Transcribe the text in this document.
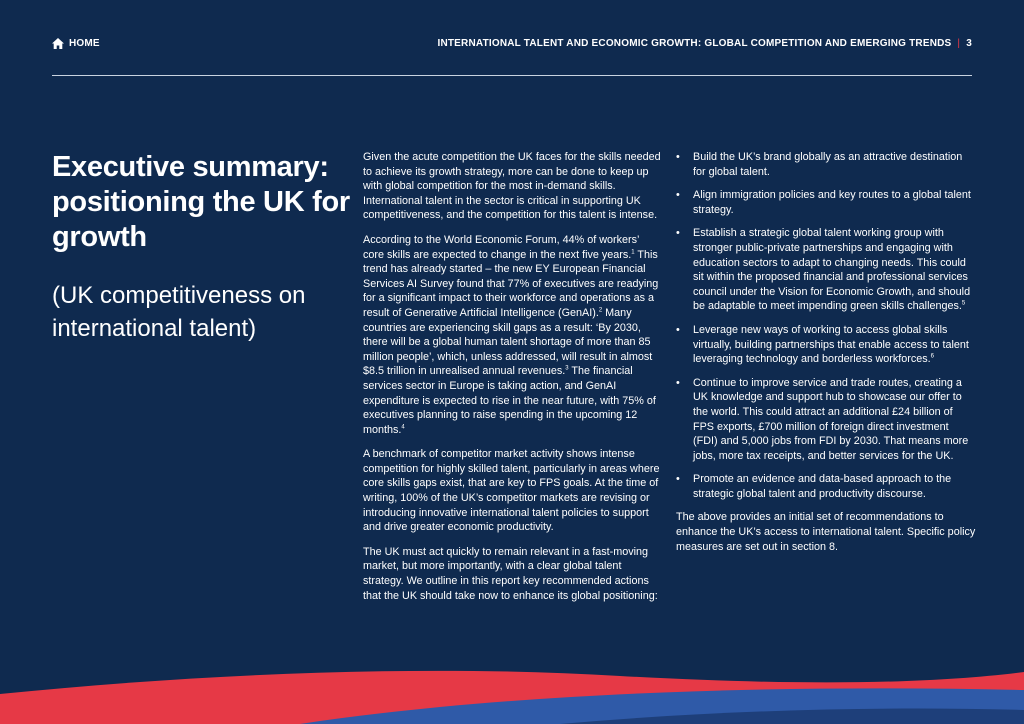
HOME	INTERNATIONAL TALENT AND ECONOMIC GROWTH: GLOBAL COMPETITION AND EMERGING TRENDS | 3
Executive summary: positioning the UK for growth
(UK competitiveness on international talent)

Given the acute competition the UK faces for the skills needed to achieve its growth strategy, more can be done to keep up with global competition for the most in-demand skills. International talent in the sector is critical in supporting UK competitiveness, and the competition for this talent is intense.

According to the World Economic Forum, 44% of workers’ core skills are expected to change in the next five years.$^1$ This trend has already started – the new EY European Financial Services AI Survey found that 77% of executives are readying for a significant impact to their workforce and operations as a result of Generative Artificial Intelligence (GenAI).$^2$ Many countries are experiencing skill gaps as a result: ‘By 2030, there will be a global human talent shortage of more than 85 million people’, which, unless addressed, will result in almost $8.5 trillion in unrealised annual revenues.$^3$ The financial services sector in Europe is taking action, and GenAI expenditure is expected to rise in the near future, with 75% of executives planning to raise spending in the upcoming 12 months.$^4$

A benchmark of competitor market activity shows intense competition for highly skilled talent, particularly in areas where core skills gaps exist, that are key to FPS goals. At the time of writing, 100% of the UK’s competitor markets are revising or introducing innovative international talent policies to support and drive greater economic productivity.

The UK must act quickly to remain relevant in a fast-moving market, but more importantly, with a clear global talent strategy. We outline in this report key recommended actions that the UK should take now to enhance its global positioning:

• Build the UK’s brand globally as an attractive destination for global talent.
• Align immigration policies and key routes to a global talent strategy.
• Establish a strategic global talent working group with stronger public-private partnerships and engaging with education sectors to adapt to changing needs. This could sit within the proposed financial and professional services council under the Vision for Economic Growth, and should be adaptable to meet impending green skills challenges.$^5$
• Leverage new ways of working to access global skills virtually, building partnerships that enable access to talent leveraging technology and borderless workforces.$^6$
• Continue to improve service and trade routes, creating a UK knowledge and support hub to showcase our offer to the world. This could attract an additional £24 billion of FPS exports, £700 million of foreign direct investment (FDI) and 5,000 jobs from FDI by 2030. That means more jobs, more tax receipts, and better services for the UK.
• Promote an evidence and data-based approach to the strategic global talent and productivity discourse.

The above provides an initial set of recommendations to enhance the UK’s access to international talent. Specific policy measures are set out in section 8.
